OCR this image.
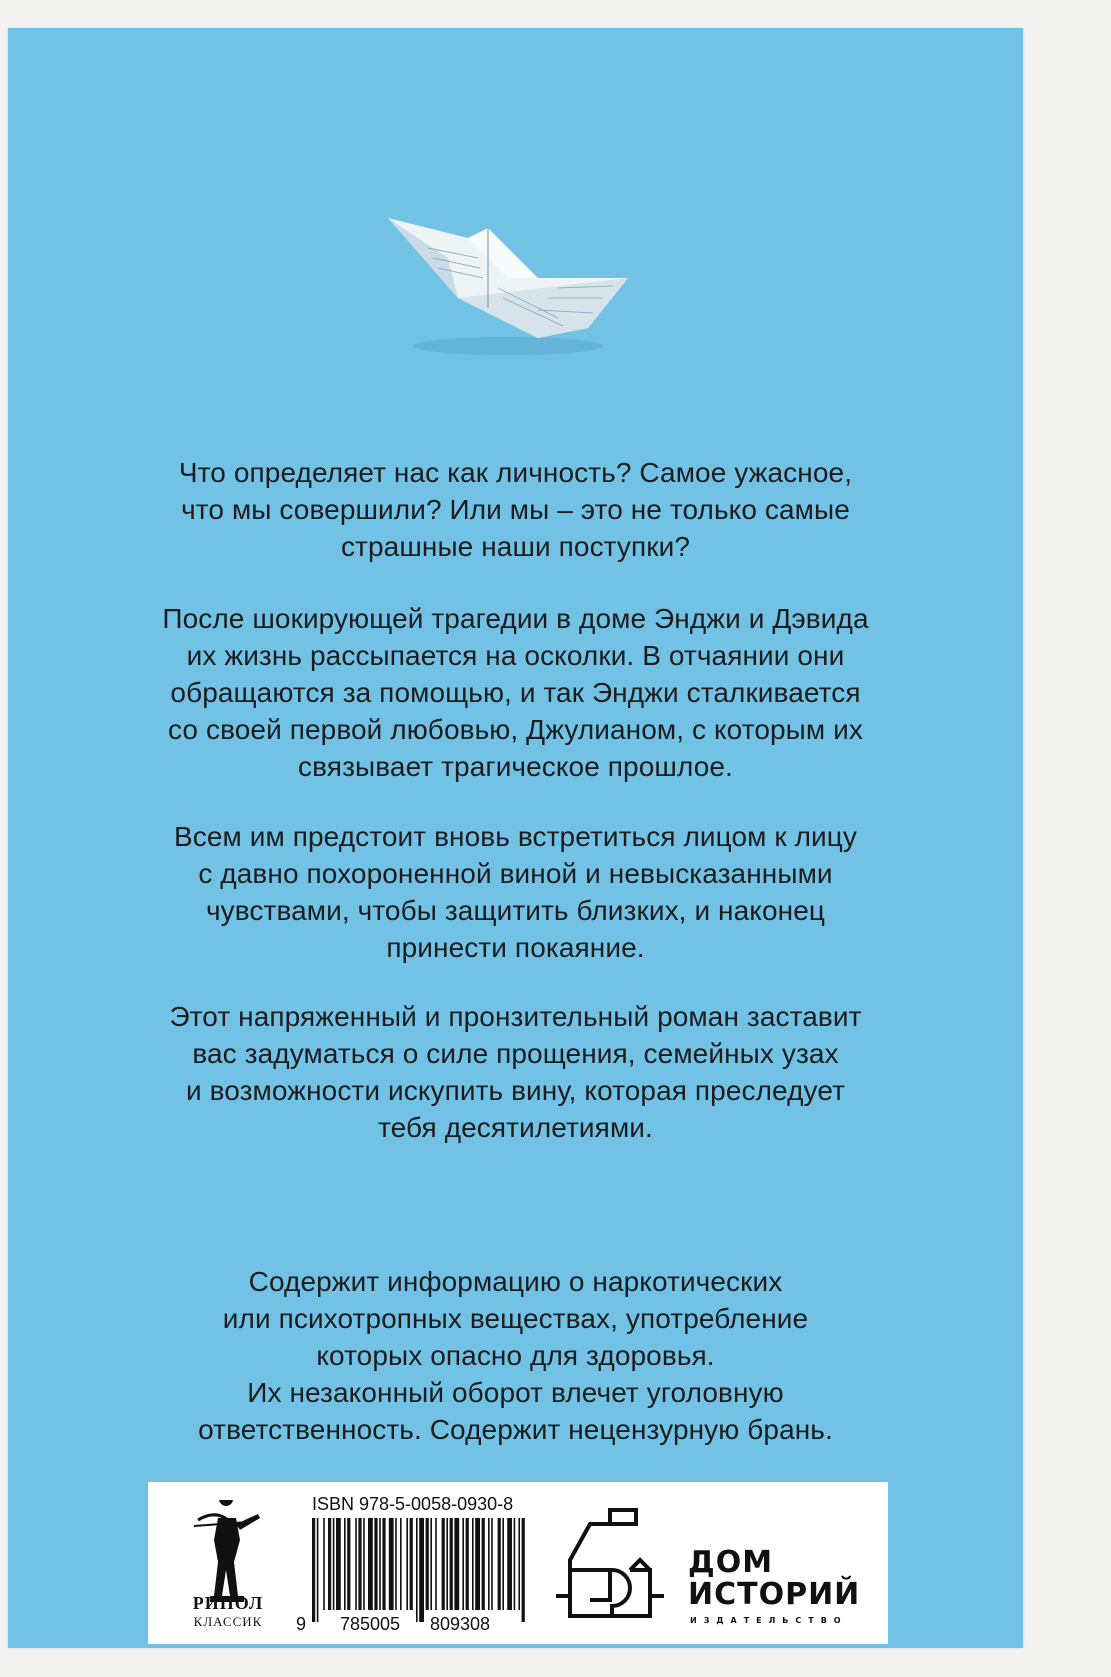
Что определяет нас как личность? Самое ужасное,
что мы совершили? Или мы – это не только самые
страшные наши поступки?
После шокирующей трагедии в доме Энджи и Дэвида
их жизнь рассыпается на осколки. В отчаянии они
обращаются за помощью, и так Энджи сталкивается
со своей первой любовью, Джулианом, с которым их
связывает трагическое прошлое.
Всем им предстоит вновь встретиться лицом к лицу
с давно похороненной виной и невысказанными
чувствами, чтобы защитить близких, и наконец
принести покаяние.
Этот напряженный и пронзительный роман заставит
вас задуматься о силе прощения, семейных узах
и возможности искупить вину, которая преследует
тебя десятилетиями.
Содержит информацию о наркотических
или психотропных веществах, употребление
которых опасно для здоровья.
Их незаконный оборот влечет уголовную
ответственность. Содержит нецензурную брань.
РИПОЛ
КЛАССИК
ISBN 978-5-0058-0930-8
9 785005 809308
ДОМ
ИСТОРИЙ
ИЗДАТЕЛЬСТВО
